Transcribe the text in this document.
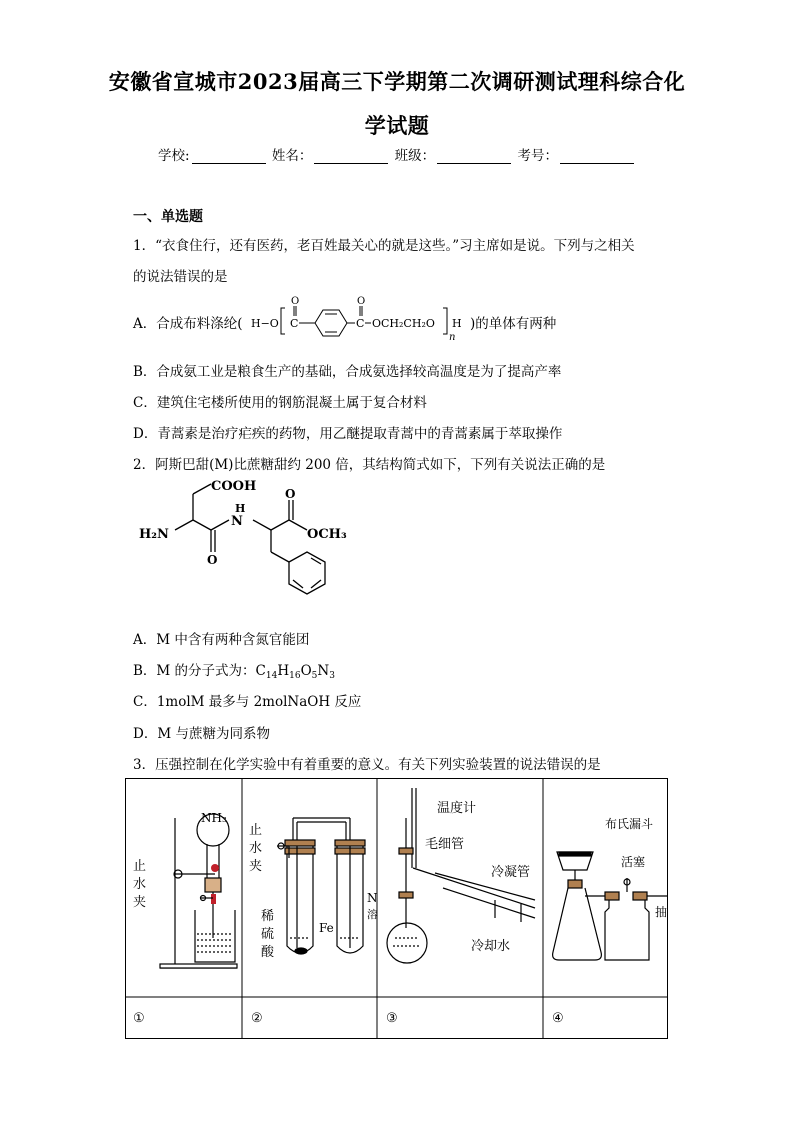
安徽省宣城市2023届高三下学期第二次调研测试理科综合化
学试题
学校:	姓名：	班级：	考号：
一、单选题
1．“衣食住行，还有医药，老百姓最关心的就是这些。”习主席如是说。下列与之相关
的说法错误的是
A．合成布料涤纶( H−O C
O
C
O
OCH₂CH₂O
n
H )的单体有两种
B．合成氨工业是粮食生产的基础，合成氨选择较高温度是为了提高产率
C．建筑住宅楼所使用的钢筋混凝土属于复合材料
D．青蒿素是治疗疟疾的药物，用乙醚提取青蒿中的青蒿素属于萃取操作
2．阿斯巴甜(M)比蔗糖甜约 200 倍，其结构简式如下，下列有关说法正确的是
COOH
H₂N
N
H
O
O
OCH₃
A．M 中含有两种含氮官能团
B．M 的分子式为：$C_{14}H_{16}O_5N_3$
C．1molM 最多与 2molNaOH 反应
D．M 与蔗糖为同系物
3．压强控制在化学实验中有着重要的意义。有关下列实验装置的说法错误的是
NH₃
止
水
夹
止
水
夹
稀
硫
酸
Fe
N
溶
温度计
毛细管
冷凝管
冷却水
布氏漏斗
活塞
抽
①	②	③	④
